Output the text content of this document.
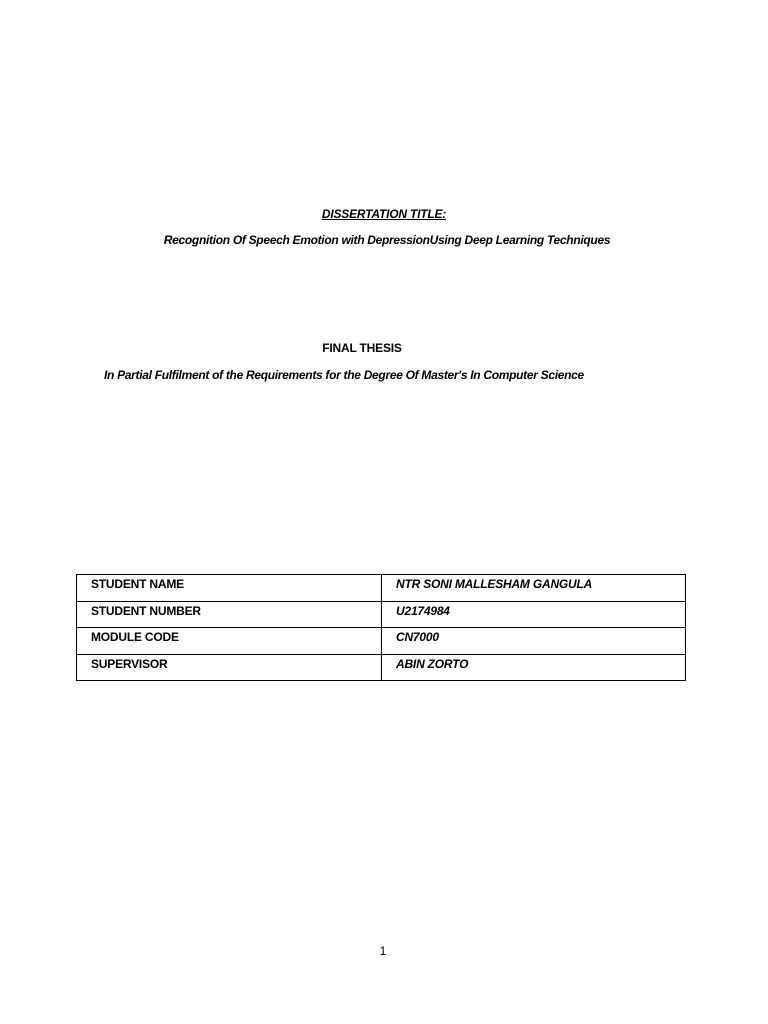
DISSERTATION TITLE:
Recognition Of Speech Emotion with DepressionUsing Deep Learning Techniques
FINAL THESIS
In Partial Fulfilment of the Requirements for the Degree Of Master's In Computer Science
STUDENT NAME	NTR SONI MALLESHAM GANGULA
STUDENT NUMBER	U2174984
MODULE CODE	CN7000
SUPERVISOR	ABIN ZORTO
1
